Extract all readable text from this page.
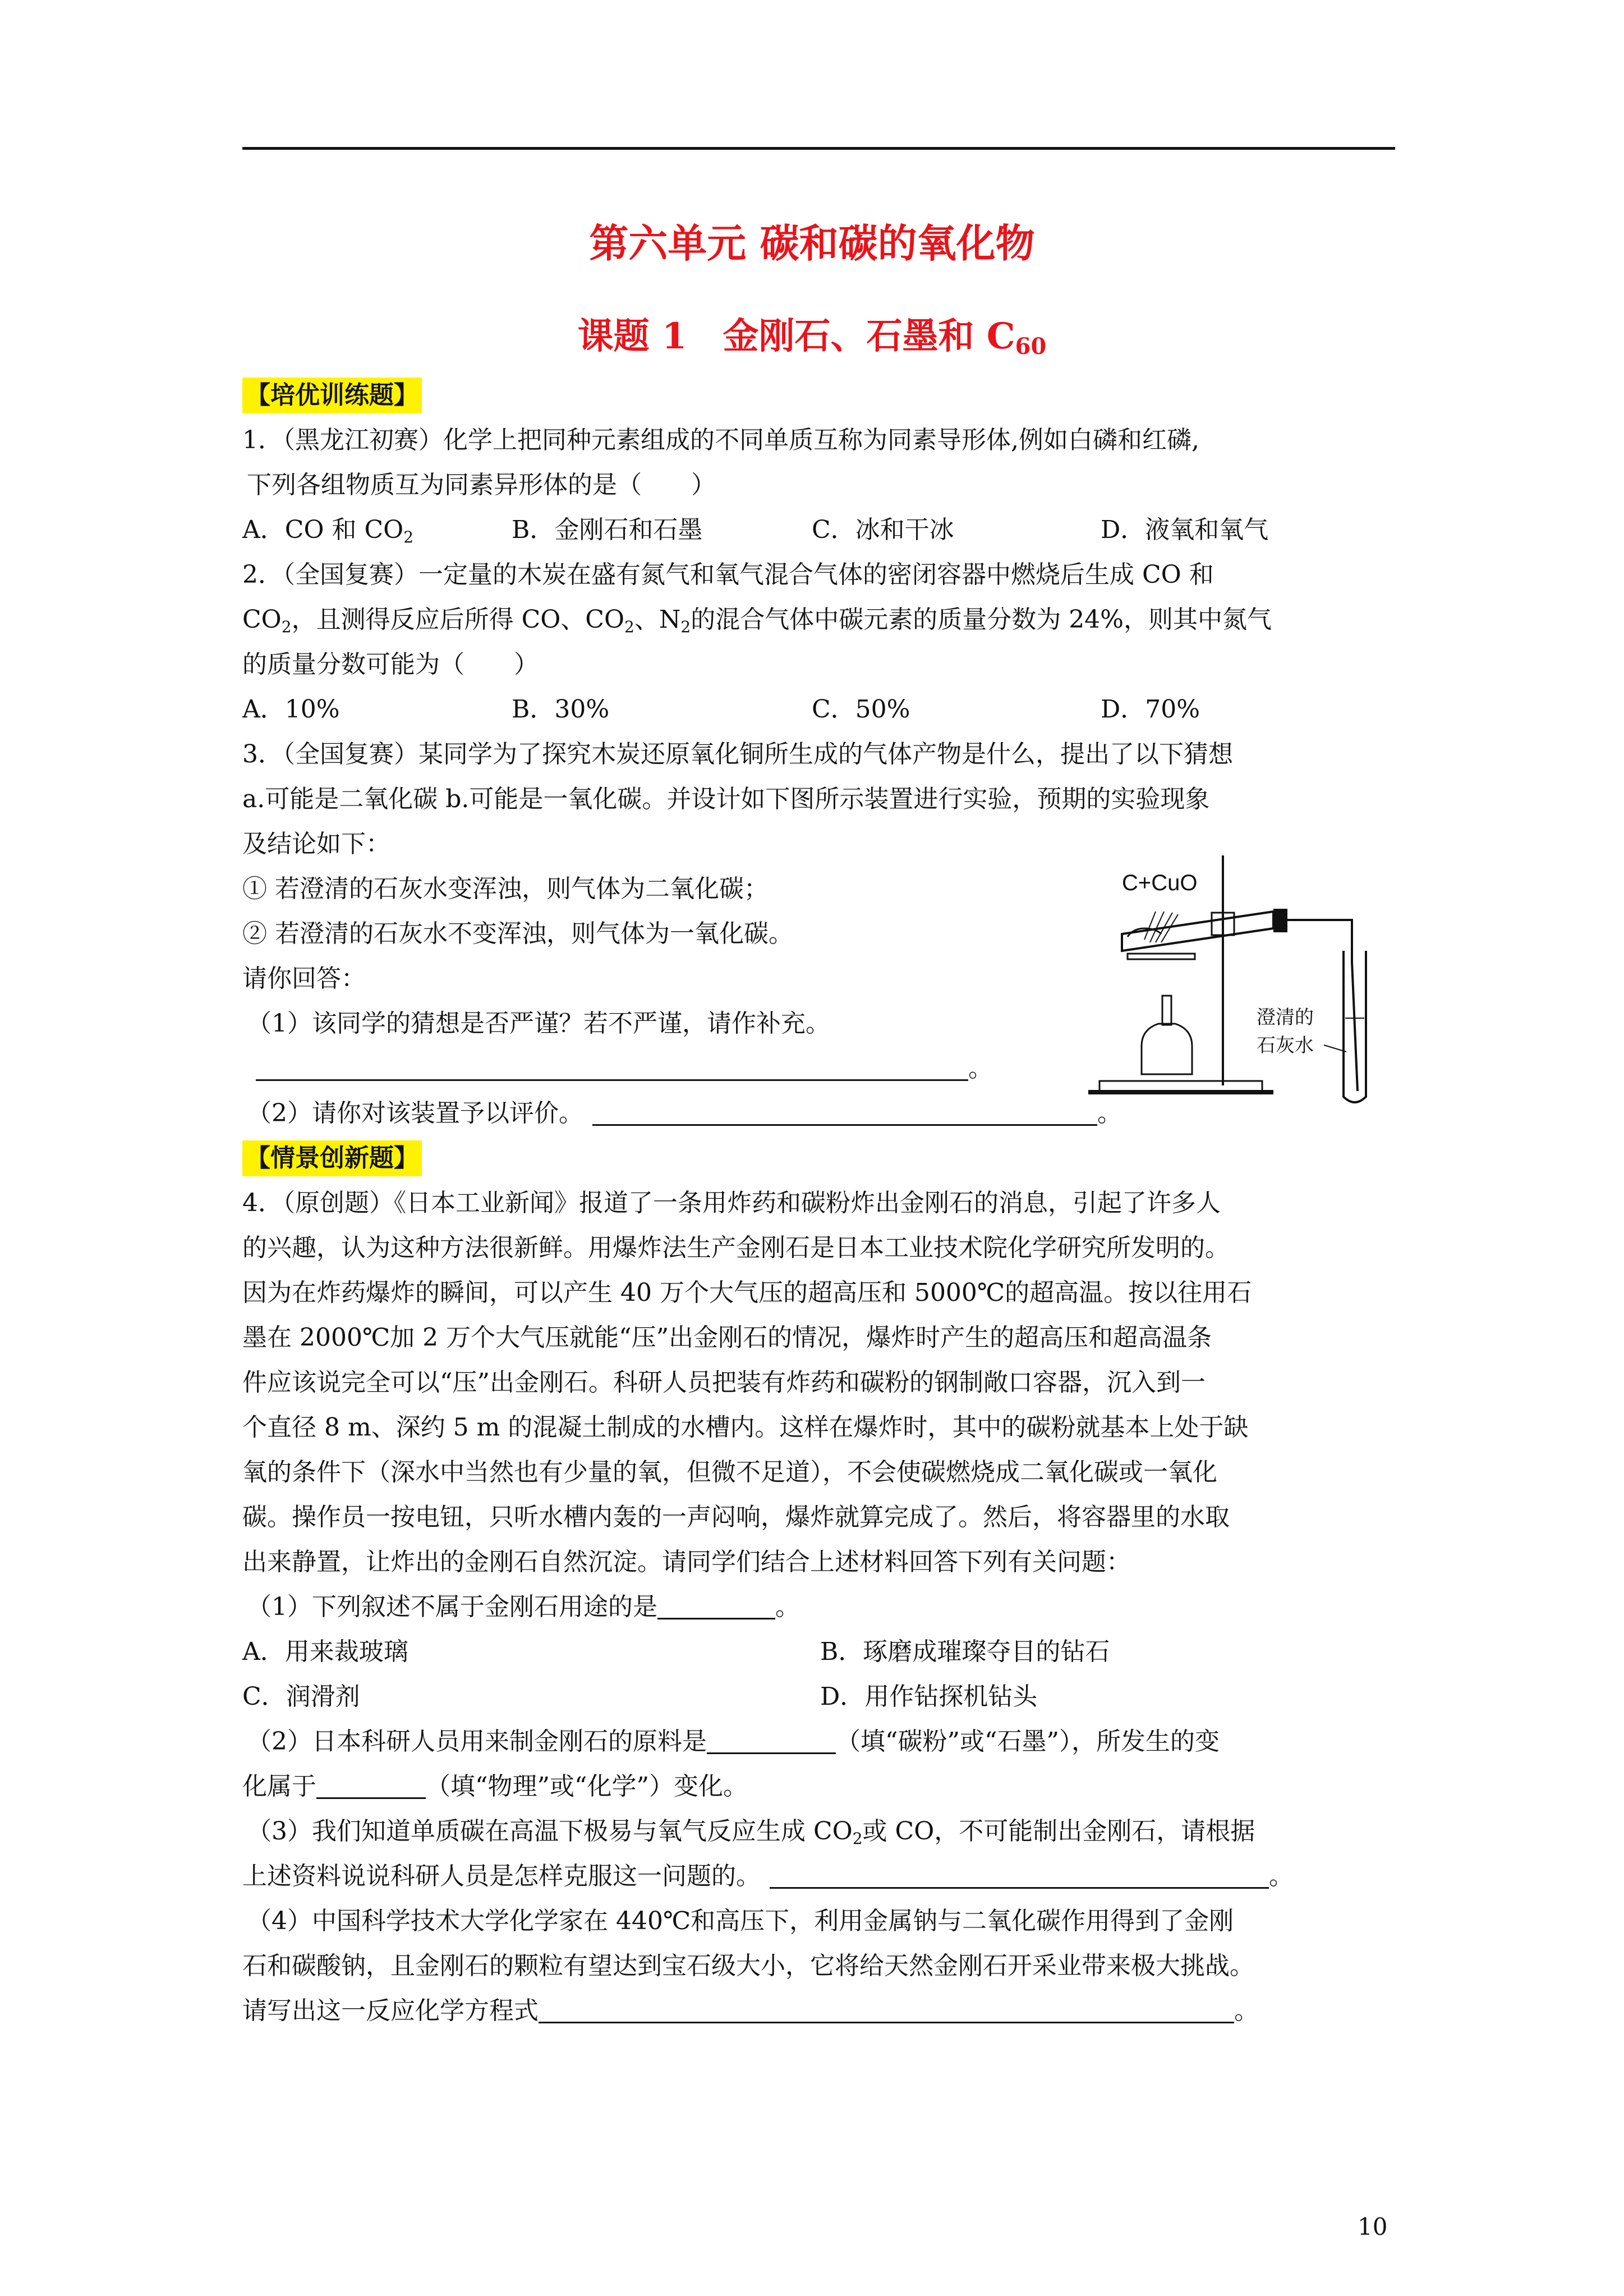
第六单元 碳和碳的氧化物
课题 1　金刚石、石墨和 $C_{60}$
【培优训练题】
1．（黑龙江初赛）化学上把同种元素组成的不同单质互称为同素导形体,例如白磷和红磷,
下列各组物质互为同素异形体的是（　　）
A．CO 和 $CO_2$	B．金刚石和石墨	C．冰和干冰	D．液氧和氧气
2．（全国复赛）一定量的木炭在盛有氮气和氧气混合气体的密闭容器中燃烧后生成 CO 和
$CO_2$，且测得反应后所得 CO、$CO_2$、$N_2$的混合气体中碳元素的质量分数为 24%，则其中氮气
的质量分数可能为（　　）
A．10%	B．30%	C．50%	D．70%
3．（全国复赛）某同学为了探究木炭还原氧化铜所生成的气体产物是什么，提出了以下猜想
a.可能是二氧化碳 b.可能是一氧化碳。并设计如下图所示装置进行实验，预期的实验现象
及结论如下：
① 若澄清的石灰水变浑浊，则气体为二氧化碳；
② 若澄清的石灰水不变浑浊，则气体为一氧化碳。
请你回答：
（1）该同学的猜想是否严谨？若不严谨，请作补充。
。
（2）请你对该装置予以评价。	。
【情景创新题】
4．（原创题）《日本工业新闻》报道了一条用炸药和碳粉炸出金刚石的消息，引起了许多人
的兴趣，认为这种方法很新鲜。用爆炸法生产金刚石是日本工业技术院化学研究所发明的。
因为在炸药爆炸的瞬间，可以产生 40 万个大气压的超高压和 5000℃的超高温。按以往用石
墨在 2000℃加 2 万个大气压就能“压”出金刚石的情况，爆炸时产生的超高压和超高温条
件应该说完全可以“压”出金刚石。科研人员把装有炸药和碳粉的钢制敞口容器，沉入到一
个直径 8 m、深约 5 m 的混凝土制成的水槽内。这样在爆炸时，其中的碳粉就基本上处于缺
氧的条件下（深水中当然也有少量的氧，但微不足道），不会使碳燃烧成二氧化碳或一氧化
碳。操作员一按电钮，只听水槽内轰的一声闷响，爆炸就算完成了。然后，将容器里的水取
出来静置，让炸出的金刚石自然沉淀。请同学们结合上述材料回答下列有关问题：
（1）下列叙述不属于金刚石用途的是	。
A．用来裁玻璃	B．琢磨成璀璨夺目的钻石
C．润滑剂	D．用作钻探机钻头
（2）日本科研人员用来制金刚石的原料是	（填“碳粉”或“石墨”），所发生的变
化属于	（填“物理”或“化学”）变化。
（3）我们知道单质碳在高温下极易与氧气反应生成 $CO_2$或 CO，不可能制出金刚石，请根据
上述资料说说科研人员是怎样克服这一问题的。	。
（4）中国科学技术大学化学家在 440℃和高压下，利用金属钠与二氧化碳作用得到了金刚
石和碳酸钠，且金刚石的颗粒有望达到宝石级大小，它将给天然金刚石开采业带来极大挑战。
请写出这一反应化学方程式	。
C+CuO
澄清的
石灰水
10
